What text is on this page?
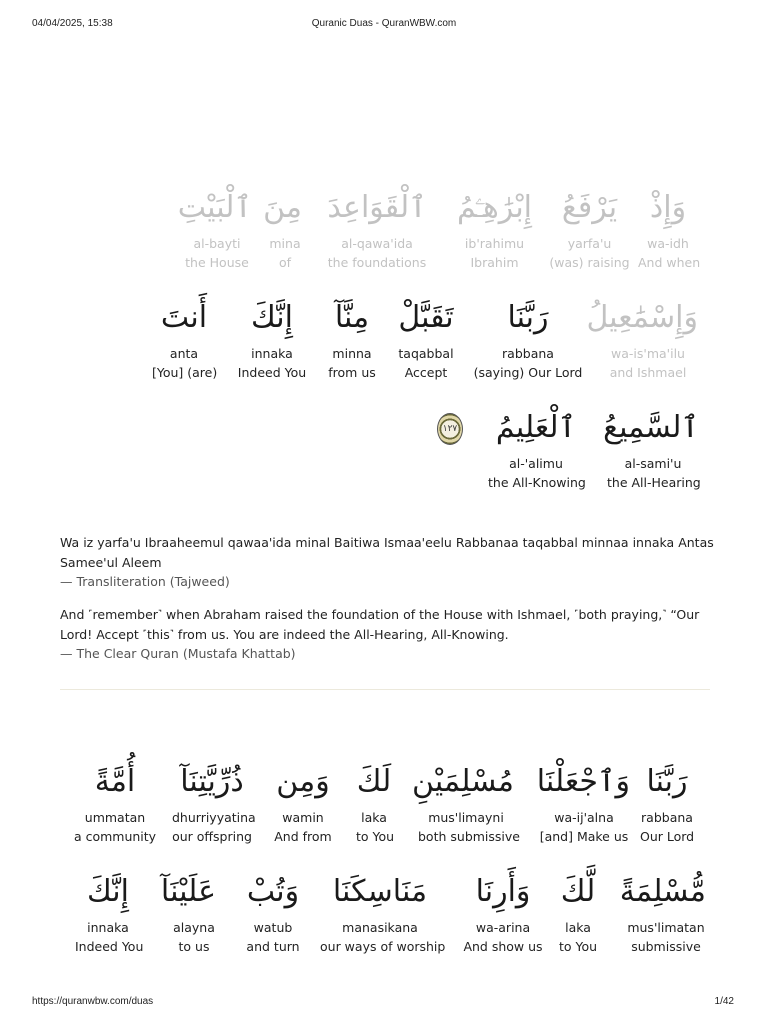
04/04/2025, 15:38	Quranic Duas - QuranWBW.com
وَإِذْ
wa-idh
And when
يَرْفَعُ
yarfa'u
(was) raising
إِبْرَٰهِـۧمُ
ib'rahimu
Ibrahim
ٱلْقَوَاعِدَ
al-qawa'ida
the foundations
مِنَ
mina
of
ٱلْبَيْتِ
al-bayti
the House
وَإِسْمَٰعِيلُ
wa-is'ma'ilu
and Ishmael
رَبَّنَا
rabbana
(saying) Our Lord
تَقَبَّلْ
taqabbal
Accept
مِنَّآ
minna
from us
إِنَّكَ
innaka
Indeed You
أَنتَ
anta
[You] (are)
ٱلسَّمِيعُ
al-sami'u
the All-Hearing
ٱلْعَلِيمُ
al-'alimu
the All-Knowing
١٢٧
Wa iz yarfa'u Ibraaheemul qawaa'ida minal Baitiwa Ismaa'eelu Rabbanaa taqabbal minnaa innaka Antas Samee'ul Aleem
— Transliteration (Tajweed)
And ˹remember˺ when Abraham raised the foundation of the House with Ishmael, ˹both praying,˺ “Our Lord! Accept ˹this˺ from us. You are indeed the All-Hearing, All-Knowing.
— The Clear Quran (Mustafa Khattab)
رَبَّنَا
rabbana
Our Lord
وَٱجْعَلْنَا
wa-ij'alna
[and] Make us
مُسْلِمَيْنِ
mus'limayni
both submissive
لَكَ
laka
to You
وَمِن
wamin
And from
ذُرِّيَّتِنَآ
dhurriyyatina
our offspring
أُمَّةً
ummatan
a community
مُّسْلِمَةً
mus'limatan
submissive
لَّكَ
laka
to You
وَأَرِنَا
wa-arina
And show us
مَنَاسِكَنَا
manasikana
our ways of worship
وَتُبْ
watub
and turn
عَلَيْنَآ
alayna
to us
إِنَّكَ
innaka
Indeed You
https://quranwbw.com/duas	1/42
